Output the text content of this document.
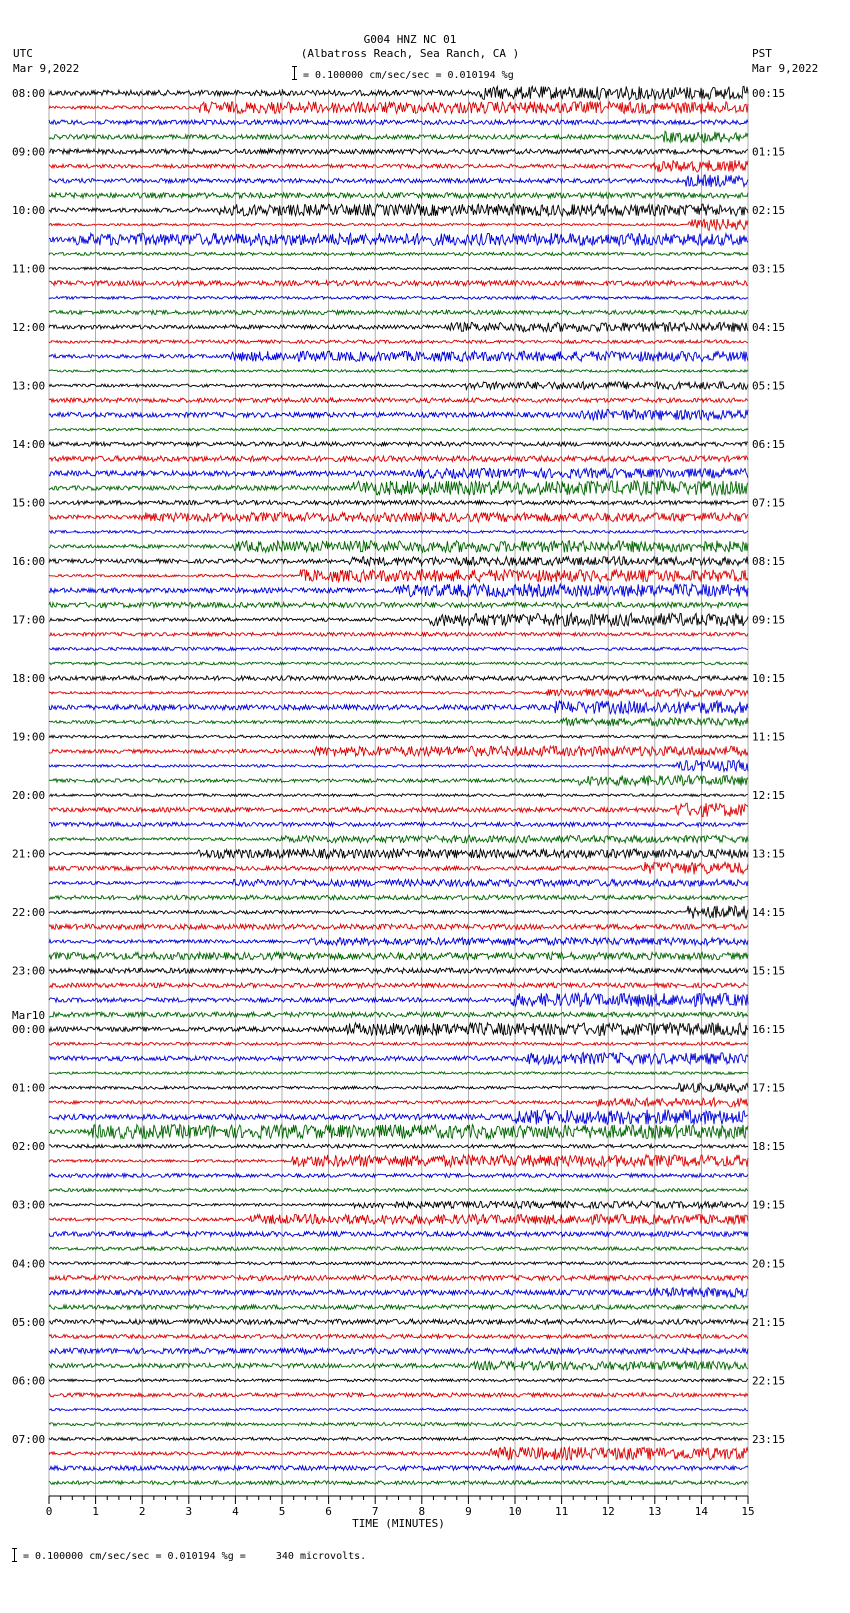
G004 HNZ NC 01
(Albatross Reach, Sea Ranch, CA )
UTC
Mar 9,2022
PST
Mar 9,2022
= 0.100000 cm/sec/sec = 0.010194 %g
08:00	00:15
09:00	01:15
10:00	02:15
11:00	03:15
12:00	04:15
13:00	05:15
14:00	06:15
15:00	07:15
16:00	08:15
17:00	09:15
18:00	10:15
19:00	11:15
20:00	12:15
21:00	13:15
22:00	14:15
23:00	15:15
00:00	16:15
Mar10
01:00	17:15
02:00	18:15
03:00	19:15
04:00	20:15
05:00	21:15
06:00	22:15
07:00	23:15
0	1	2	3	4	5	6	7	8	9	10	11	12	13	14	15
TIME (MINUTES)
= 0.100000 cm/sec/sec = 0.010194 %g =     340 microvolts.
